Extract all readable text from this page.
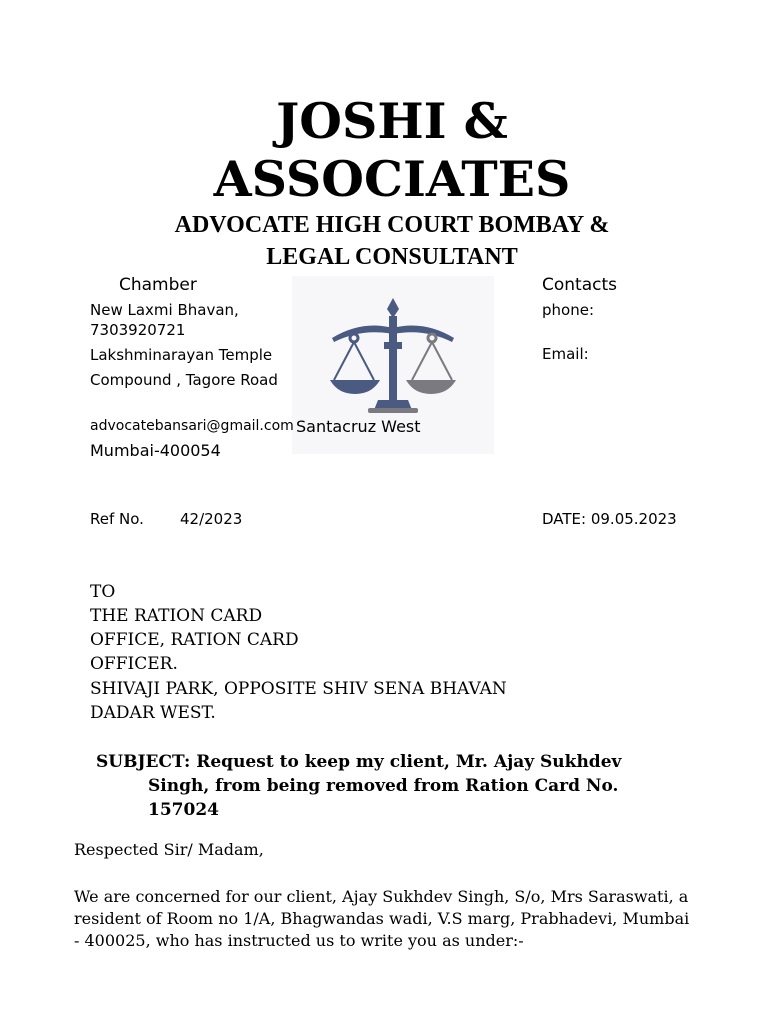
JOSHI &
ASSOCIATES
ADVOCATE HIGH COURT BOMBAY &
LEGAL CONSULTANT
Chamber
New Laxmi Bhavan,
7303920721
Lakshminarayan Temple
Compound , Tagore Road
advocatebansari@gmail.com Santacruz West
Mumbai-400054
Contacts
phone:
Email:
Ref No. 42/2023	DATE: 09.05.2023
TO
THE RATION CARD
OFFICE, RATION CARD
OFFICER.
SHIVAJI PARK, OPPOSITE SHIV SENA BHAVAN
DADAR WEST.
SUBJECT: Request to keep my client, Mr. Ajay Sukhdev
Singh, from being removed from Ration Card No.
157024
Respected Sir/ Madam,
We are concerned for our client, Ajay Sukhdev Singh, S/o, Mrs Saraswati, a resident of Room no 1/A, Bhagwandas wadi, V.S marg, Prabhadevi, Mumbai - 400025, who has instructed us to write you as under:-
